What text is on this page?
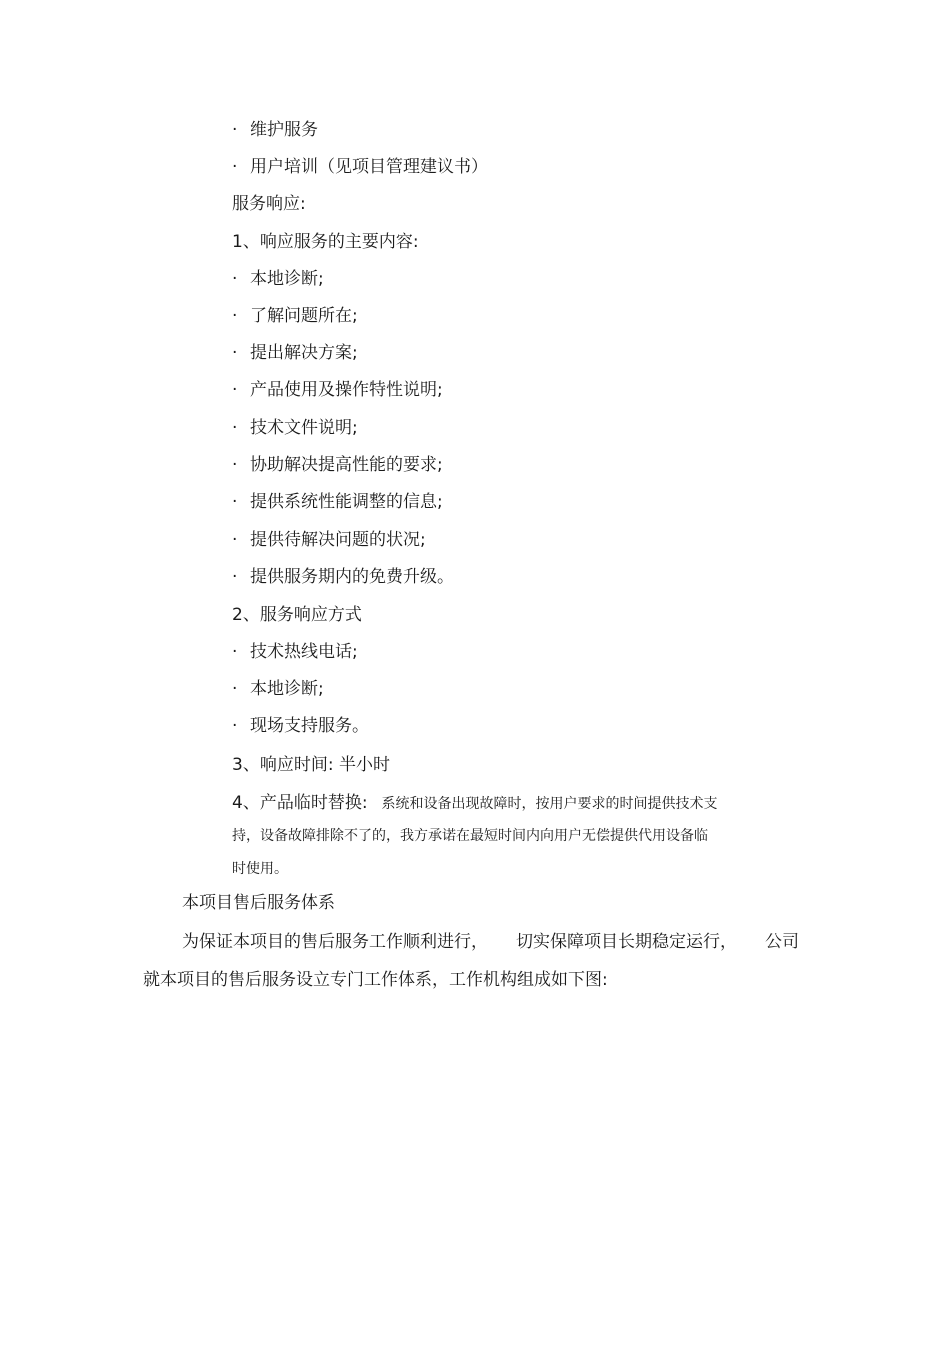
· 维护服务
· 用户培训（见项目管理建议书）
服务响应:
1、响应服务的主要内容:
· 本地诊断;
· 了解问题所在;
· 提出解决方案;
· 产品使用及操作特性说明;
· 技术文件说明;
· 协助解决提高性能的要求;
· 提供系统性能调整的信息;
· 提供待解决问题的状况;
· 提供服务期内的免费升级。
2、服务响应方式
· 技术热线电话;
· 本地诊断;
· 现场支持服务。
3、响应时间: 半小时
4、产品临时替换: 系统和设备出现故障时，按用户要求的时间提供技术支
持，设备故障排除不了的，我方承诺在最短时间内向用户无偿提供代用设备临
时使用。
本项目售后服务体系
为保证本项目的售后服务工作顺利进行， 切实保障项目长期稳定运行， 公司
就本项目的售后服务设立专门工作体系，工作机构组成如下图:
